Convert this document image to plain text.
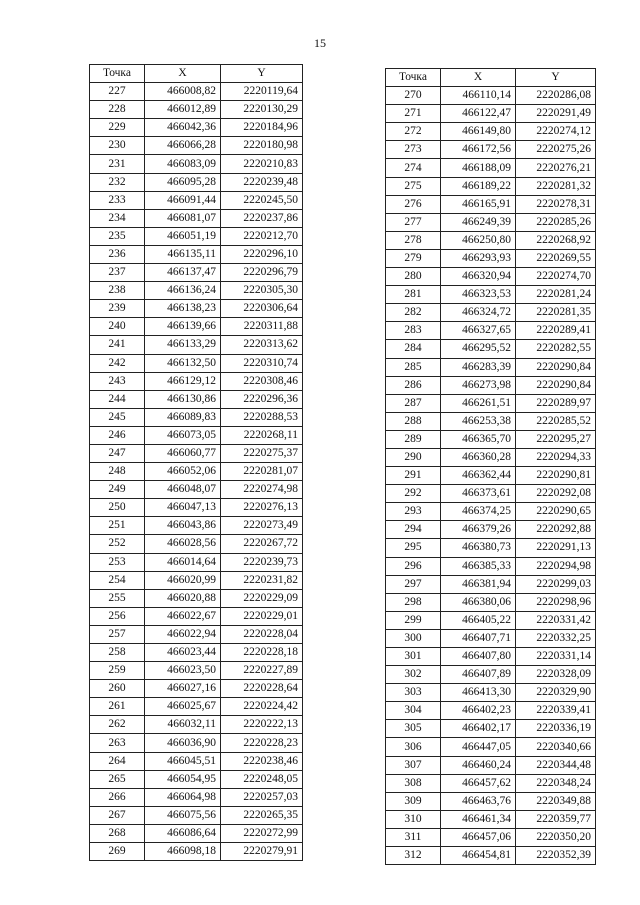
15
Точка	X	Y
227	466008,82	2220119,64
228	466012,89	2220130,29
229	466042,36	2220184,96
230	466066,28	2220180,98
231	466083,09	2220210,83
232	466095,28	2220239,48
233	466091,44	2220245,50
234	466081,07	2220237,86
235	466051,19	2220212,70
236	466135,11	2220296,10
237	466137,47	2220296,79
238	466136,24	2220305,30
239	466138,23	2220306,64
240	466139,66	2220311,88
241	466133,29	2220313,62
242	466132,50	2220310,74
243	466129,12	2220308,46
244	466130,86	2220296,36
245	466089,83	2220288,53
246	466073,05	2220268,11
247	466060,77	2220275,37
248	466052,06	2220281,07
249	466048,07	2220274,98
250	466047,13	2220276,13
251	466043,86	2220273,49
252	466028,56	2220267,72
253	466014,64	2220239,73
254	466020,99	2220231,82
255	466020,88	2220229,09
256	466022,67	2220229,01
257	466022,94	2220228,04
258	466023,44	2220228,18
259	466023,50	2220227,89
260	466027,16	2220228,64
261	466025,67	2220224,42
262	466032,11	2220222,13
263	466036,90	2220228,23
264	466045,51	2220238,46
265	466054,95	2220248,05
266	466064,98	2220257,03
267	466075,56	2220265,35
268	466086,64	2220272,99
269	466098,18	2220279,91
Точка	X	Y
270	466110,14	2220286,08
271	466122,47	2220291,49
272	466149,80	2220274,12
273	466172,56	2220275,26
274	466188,09	2220276,21
275	466189,22	2220281,32
276	466165,91	2220278,31
277	466249,39	2220285,26
278	466250,80	2220268,92
279	466293,93	2220269,55
280	466320,94	2220274,70
281	466323,53	2220281,24
282	466324,72	2220281,35
283	466327,65	2220289,41
284	466295,52	2220282,55
285	466283,39	2220290,84
286	466273,98	2220290,84
287	466261,51	2220289,97
288	466253,38	2220285,52
289	466365,70	2220295,27
290	466360,28	2220294,33
291	466362,44	2220290,81
292	466373,61	2220292,08
293	466374,25	2220290,65
294	466379,26	2220292,88
295	466380,73	2220291,13
296	466385,33	2220294,98
297	466381,94	2220299,03
298	466380,06	2220298,96
299	466405,22	2220331,42
300	466407,71	2220332,25
301	466407,80	2220331,14
302	466407,89	2220328,09
303	466413,30	2220329,90
304	466402,23	2220339,41
305	466402,17	2220336,19
306	466447,05	2220340,66
307	466460,24	2220344,48
308	466457,62	2220348,24
309	466463,76	2220349,88
310	466461,34	2220359,77
311	466457,06	2220350,20
312	466454,81	2220352,39
